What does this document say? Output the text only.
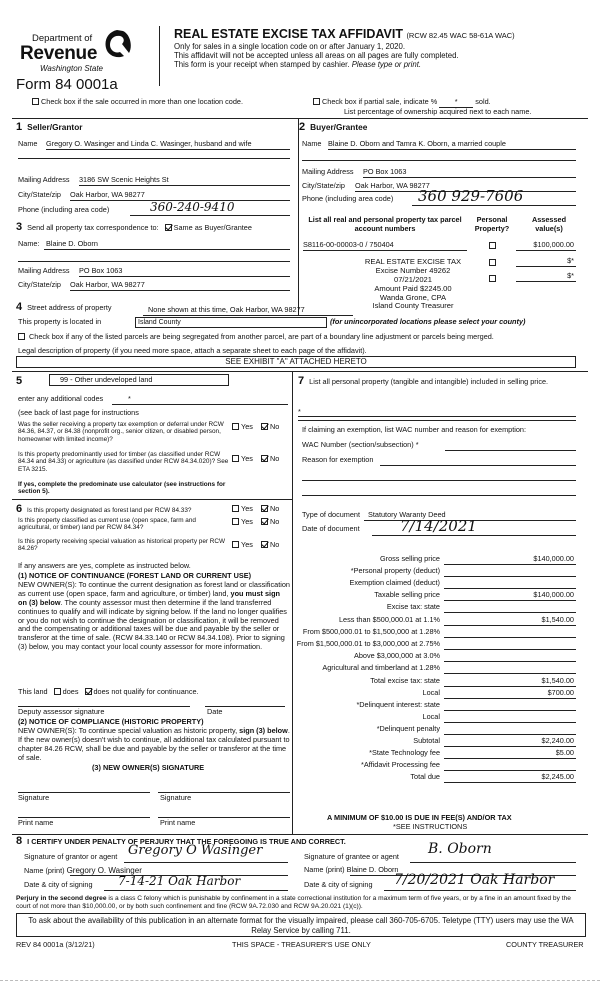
Department of
Revenue
Washington State
Form 84 0001a
REAL ESTATE EXCISE TAX AFFIDAVIT (RCW 82.45 WAC 58-61A WAC)
Only for sales in a single location code on or after January 1, 2020.
This affidavit will not be accepted unless all areas on all pages are fully completed.
This form is your receipt when stamped by cashier. Please type or print.
Check box if the sale occurred in more than one location code.	Check box if partial sale, indicate % * sold.
List percentage of ownership acquired next to each name.
1 Seller/Grantor
Name Gregory O. Wasinger and Linda C. Wasinger, husband and wife
Mailing Address 3186 SW Scenic Heights St
City/State/zip Oak Harbor, WA 98277
Phone (including area code)	360-240-9410
2 Buyer/Grantee
Name Blaine D. Oborn and Tamra K. Oborn, a married couple
Mailing Address PO Box 1063
City/State/zip Oak Harbor, WA 98277
Phone (including area code) 360 929-7606
3 Send all property tax correspondence to: Same as Buyer/Grantee
Name: Blaine D. Oborn
Mailing Address PO Box 1063
City/State/zip Oak Harbor, WA 98277
List all real and personal property tax parcel account numbers
Personal Property?
Assessed value(s)
S8116-00-00003-0 / 750404	$100,000.00
$*
$*
REAL ESTATE EXCISE TAX
Excise Number 49262
07/21/2021
Amount Paid $2245.00
Wanda Grone, CPA
Island County Treasurer
4 Street address of property	None shown at this time, Oak Harbor, WA 98277
This property is located in	Island County	(for unincorporated locations please select your county)
Check box if any of the listed parcels are being segregated from another parcel, are part of a boundary line adjustment or parcels being merged.
Legal description of property (if you need more space, attach a separate sheet to each page of the affidavit).
SEE EXHIBIT "A" ATTACHED HERETO
5	99 - Other undeveloped land
enter any additional codes	*
(see back of last page for instructions
Was the seller receiving a property tax exemption or deferral under RCW 84.36, 84.37, or 84.38 (nonprofit org., senior citizen, or disabled person, homeowner with limited income)?
Yes	No
Is this property predominantly used for timber (as classified under RCW 84.34 and 84.33) or agriculture (as classified under RCW 84.34.020)? See ETA 3215.
If yes, complete the predominate use calculator (see instructions for section 5).
Yes	No
6 Is this property designated as forest land per RCW 84.33?	Yes	No
Is this property classified as current use (open space, farm and agricultural, or timber) land per RCW 84.34?
Yes	No
Is this property receiving special valuation as historical property per RCW 84.26?	Yes	No
If any answers are yes, complete as instructed below.
(1) NOTICE OF CONTINUANCE (FOREST LAND OR CURRENT USE)
NEW OWNER(S): To continue the current designation as forest land or classification as current use (open space, farm and agriculture, or timber) land, you must sign on (3) below. The county assessor must then determine if the land transferred continues to qualify and will indicate by signing below. If the land no longer qualifies or you do not wish to continue the designation or classification, it will be removed and the compensating or additional taxes will be due and payable by the seller or transferor at the time of sale. (RCW 84.33.140 or RCW 84.34.108). Prior to signing (3) below, you may contact your local county assessor for more information.
This land does does not qualify for continuance.
Deputy assessor signature	Date
(2) NOTICE OF COMPLIANCE (HISTORIC PROPERTY)
NEW OWNER(S): To continue special valuation as historic property, sign (3) below. If the new owner(s) doesn't wish to continue, all additional tax calculated pursuant to chapter 84.26 RCW, shall be due and payable by the seller or transferor at the time of sale.
(3) NEW OWNER(S) SIGNATURE
Signature	Signature
Print name	Print name
7 List all personal property (tangible and intangible) included in selling price.
*
If claiming an exemption, list WAC number and reason for exemption:
WAC Number (section/subsection) *
Reason for exemption
Type of document Statutory Waranty Deed
Date of document	7/14/2021
Gross selling price	$140,000.00
*Personal property (deduct)
Exemption claimed (deduct)
Taxable selling price	$140,000.00
Excise tax: state
Less than $500,000.01 at 1.1%	$1,540.00
From $500,000.01 to $1,500,000 at 1.28%
From $1,500,000.01 to $3,000,000 at 2.75%
Above $3,000,000 at 3.0%
Agricultural and timberland at 1.28%
Total excise tax: state	$1,540.00
Local	$700.00
*Delinquent interest: state
Local
*Delinquent penalty
Subtotal	$2,240.00
*State Technology fee	$5.00
*Affidavit Processing fee
Total due	$2,245.00
A MINIMUM OF $10.00 IS DUE IN FEE(S) AND/OR TAX
*SEE INSTRUCTIONS
8 I CERTIFY UNDER PENALTY OF PERJURY THAT THE FOREGOING IS TRUE AND CORRECT.
Signature of grantor or agent Gregory O Wasinger
Name (print) Gregory O. Wasinger
Date & city of signing 7-14-21 Oak Harbor
Signature of grantee or agent B. Oborn
Name (print) Blaine D. Oborn
Date & city of signing 7/20/2021 Oak Harbor
Perjury in the second degree is a class C felony which is punishable by confinement in a state correctional institution for a maximum term of five years, or by a fine in an amount fixed by the court of not more than $10,000.00, or by both such confinement and fine (RCW 9A.72.030 and RCW 9A.20.021 (1)(c)).
To ask about the availability of this publication in an alternate format for the visually impaired, please call 360-705-6705. Teletype (TTY) users may use the WA Relay Service by calling 711.
REV 84 0001a (3/12/21)	THIS SPACE - TREASURER'S USE ONLY	COUNTY TREASURER
